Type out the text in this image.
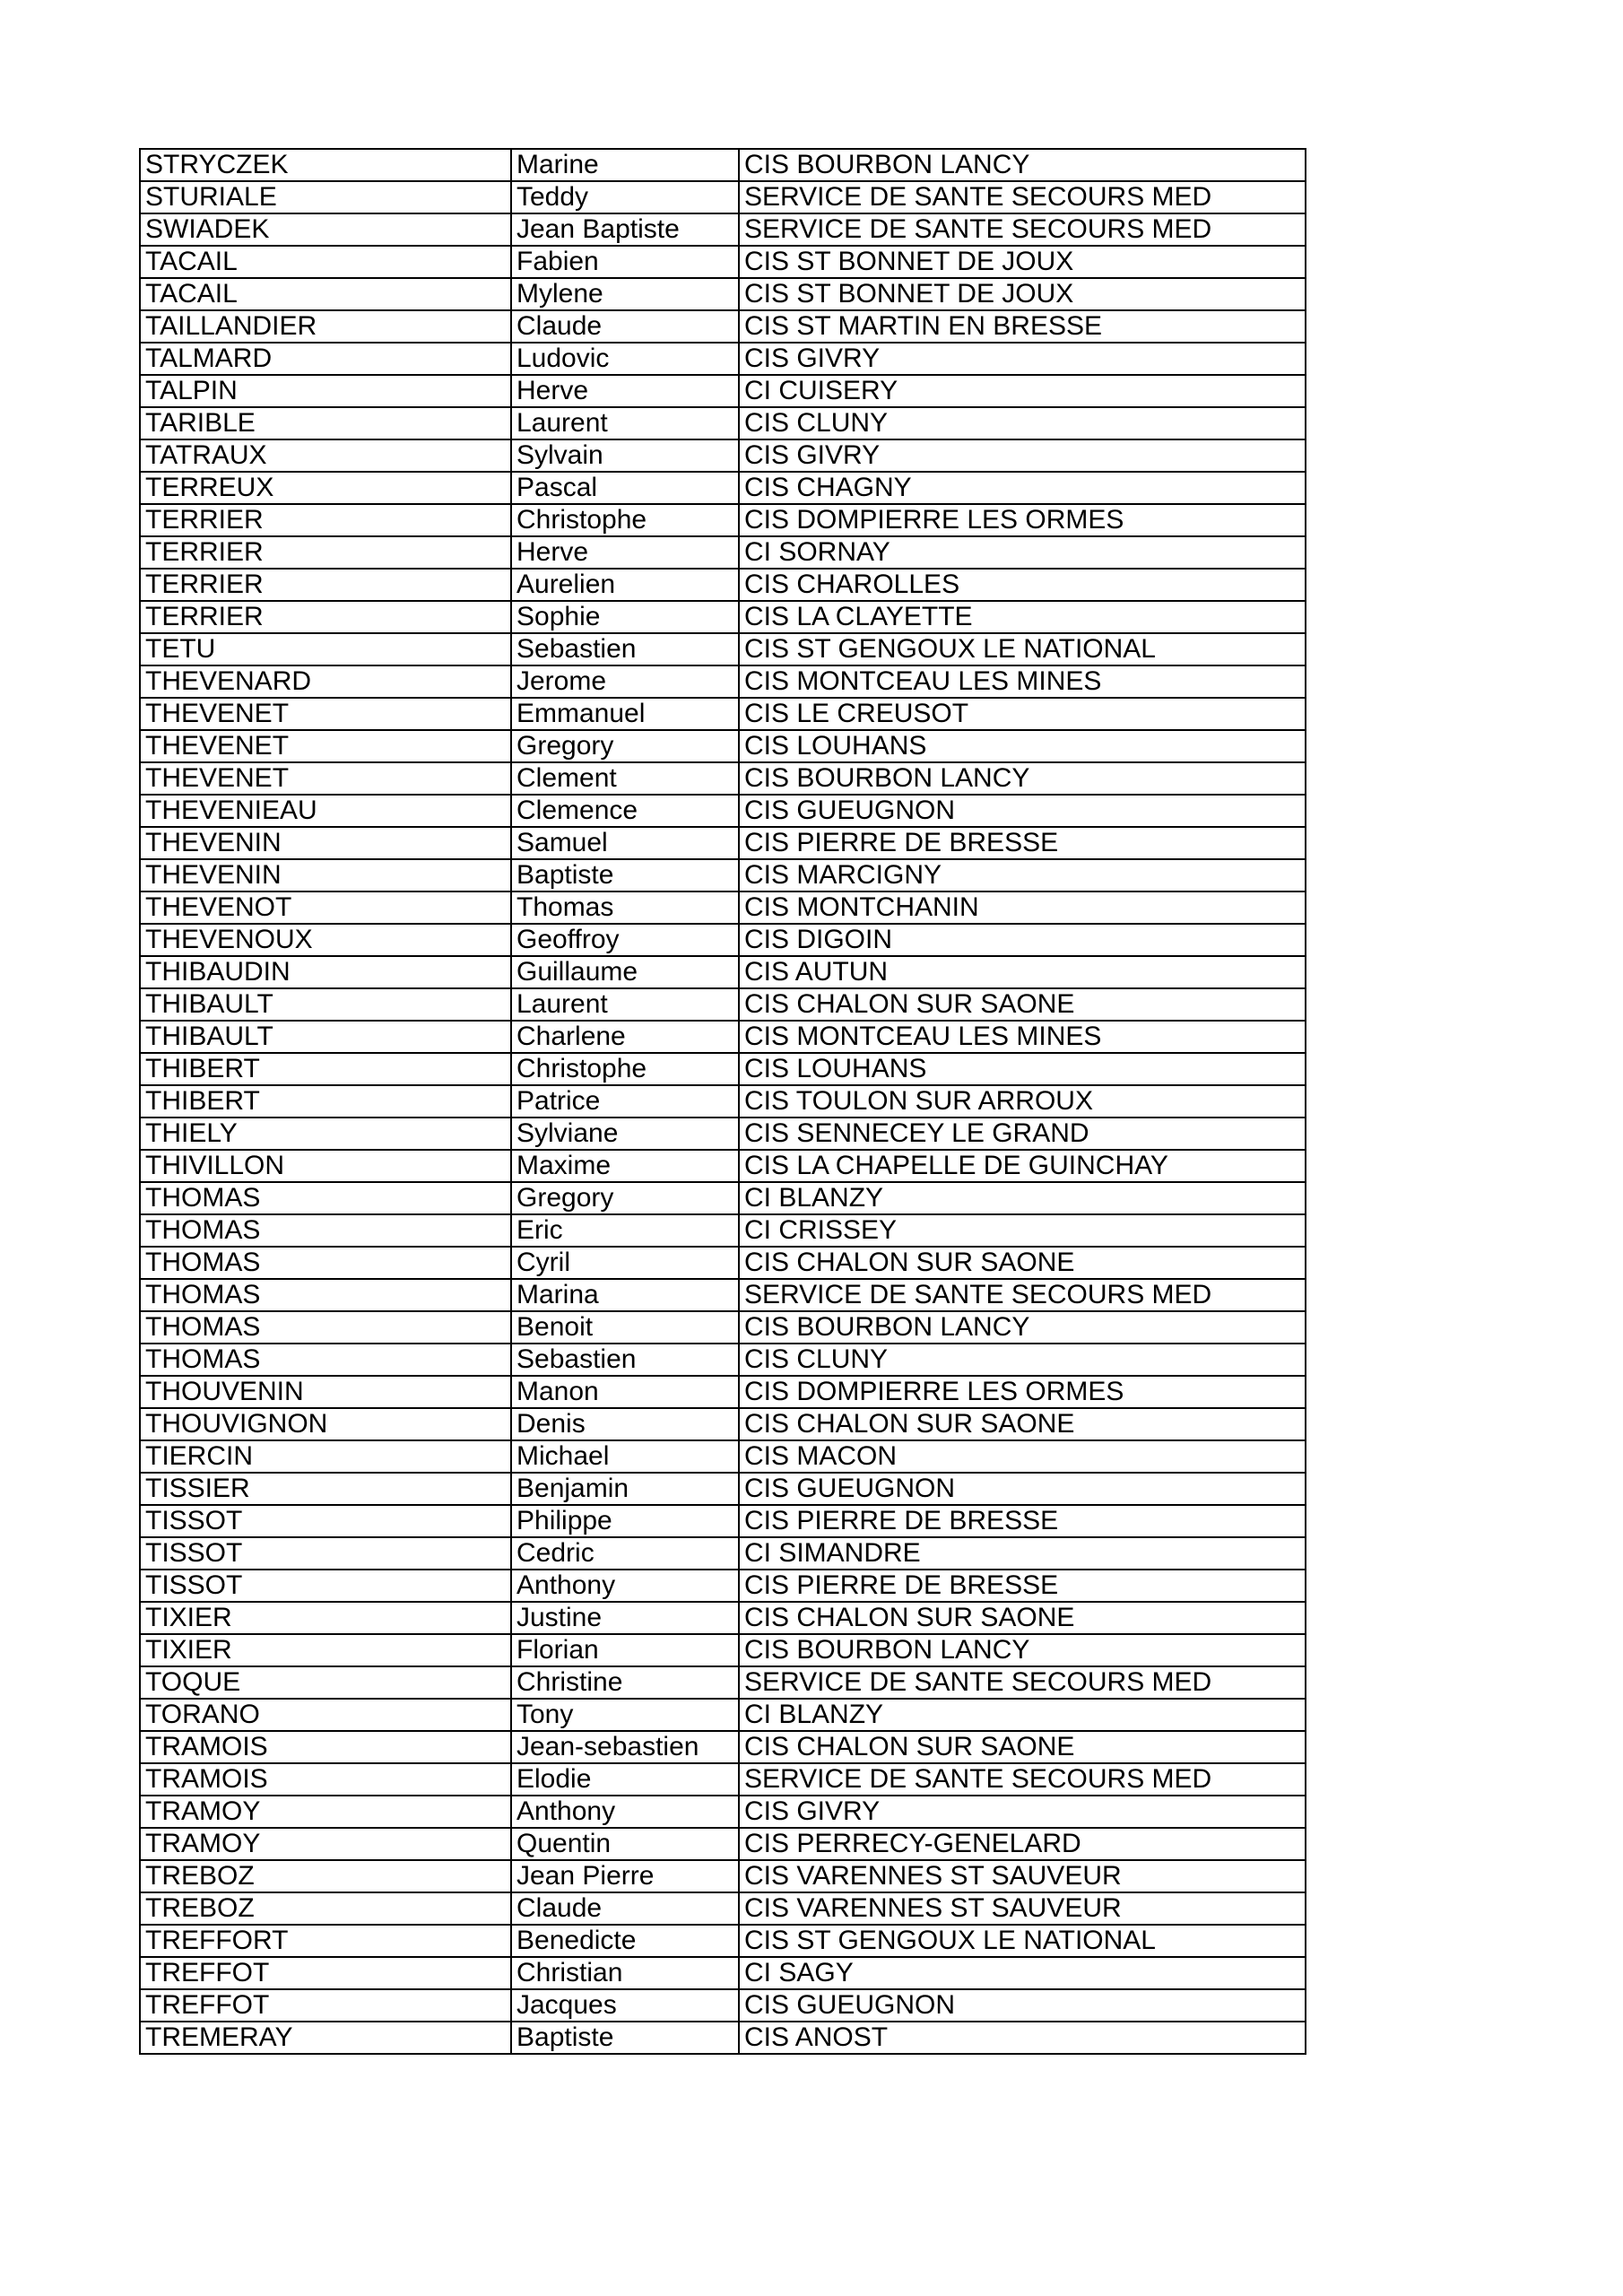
STRYCZEK	Marine	CIS BOURBON LANCY
STURIALE	Teddy	SERVICE DE SANTE SECOURS MED
SWIADEK	Jean Baptiste	SERVICE DE SANTE SECOURS MED
TACAIL	Fabien	CIS ST BONNET DE JOUX
TACAIL	Mylene	CIS ST BONNET DE JOUX
TAILLANDIER	Claude	CIS ST MARTIN EN BRESSE
TALMARD	Ludovic	CIS GIVRY
TALPIN	Herve	CI CUISERY
TARIBLE	Laurent	CIS CLUNY
TATRAUX	Sylvain	CIS GIVRY
TERREUX	Pascal	CIS CHAGNY
TERRIER	Christophe	CIS DOMPIERRE LES ORMES
TERRIER	Herve	CI SORNAY
TERRIER	Aurelien	CIS CHAROLLES
TERRIER	Sophie	CIS LA CLAYETTE
TETU	Sebastien	CIS ST GENGOUX LE NATIONAL
THEVENARD	Jerome	CIS MONTCEAU LES MINES
THEVENET	Emmanuel	CIS LE CREUSOT
THEVENET	Gregory	CIS LOUHANS
THEVENET	Clement	CIS BOURBON LANCY
THEVENIEAU	Clemence	CIS GUEUGNON
THEVENIN	Samuel	CIS PIERRE DE BRESSE
THEVENIN	Baptiste	CIS MARCIGNY
THEVENOT	Thomas	CIS MONTCHANIN
THEVENOUX	Geoffroy	CIS DIGOIN
THIBAUDIN	Guillaume	CIS AUTUN
THIBAULT	Laurent	CIS CHALON SUR SAONE
THIBAULT	Charlene	CIS MONTCEAU LES MINES
THIBERT	Christophe	CIS LOUHANS
THIBERT	Patrice	CIS TOULON SUR ARROUX
THIELY	Sylviane	CIS SENNECEY LE GRAND
THIVILLON	Maxime	CIS LA CHAPELLE DE GUINCHAY
THOMAS	Gregory	CI BLANZY
THOMAS	Eric	CI CRISSEY
THOMAS	Cyril	CIS CHALON SUR SAONE
THOMAS	Marina	SERVICE DE SANTE SECOURS MED
THOMAS	Benoit	CIS BOURBON LANCY
THOMAS	Sebastien	CIS CLUNY
THOUVENIN	Manon	CIS DOMPIERRE LES ORMES
THOUVIGNON	Denis	CIS CHALON SUR SAONE
TIERCIN	Michael	CIS MACON
TISSIER	Benjamin	CIS GUEUGNON
TISSOT	Philippe	CIS PIERRE DE BRESSE
TISSOT	Cedric	CI SIMANDRE
TISSOT	Anthony	CIS PIERRE DE BRESSE
TIXIER	Justine	CIS CHALON SUR SAONE
TIXIER	Florian	CIS BOURBON LANCY
TOQUE	Christine	SERVICE DE SANTE SECOURS MED
TORANO	Tony	CI BLANZY
TRAMOIS	Jean-sebastien	CIS CHALON SUR SAONE
TRAMOIS	Elodie	SERVICE DE SANTE SECOURS MED
TRAMOY	Anthony	CIS GIVRY
TRAMOY	Quentin	CIS PERRECY-GENELARD
TREBOZ	Jean Pierre	CIS VARENNES ST SAUVEUR
TREBOZ	Claude	CIS VARENNES ST SAUVEUR
TREFFORT	Benedicte	CIS ST GENGOUX LE NATIONAL
TREFFOT	Christian	CI SAGY
TREFFOT	Jacques	CIS GUEUGNON
TREMERAY	Baptiste	CIS ANOST
